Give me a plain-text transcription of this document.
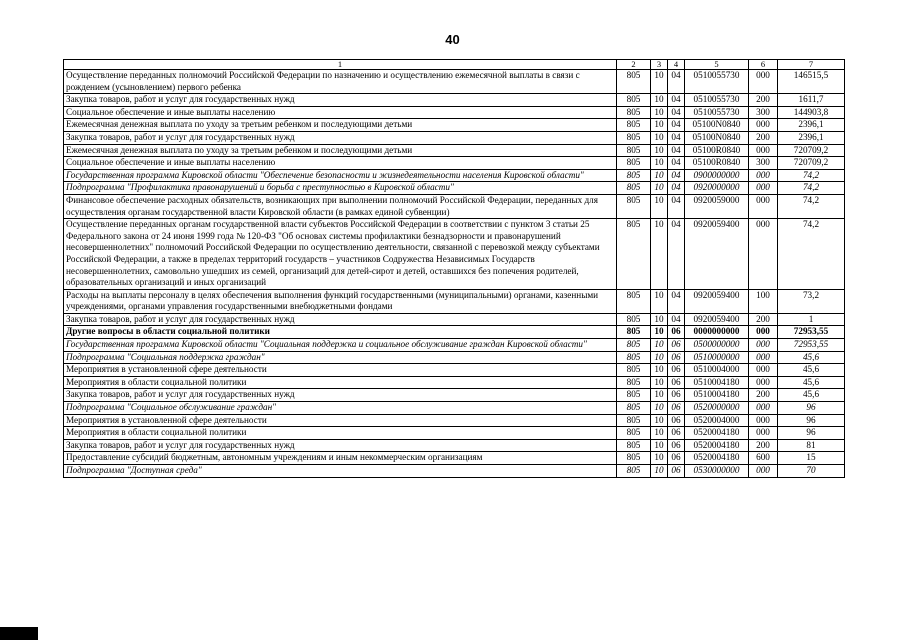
40
1	2	3	4	5	6	7
Осуществление переданных полномочий Российской Федерации по назначению и осуществлению ежемесячной выплаты в связи с рождением (усыновлением) первого ребенка	805	10	04	0510055730	000	146515,5
Закупка товаров, работ и услуг для государственных нужд	805	10	04	0510055730	200	1611,7
Социальное обеспечение и иные выплаты населению	805	10	04	0510055730	300	144903,8
Ежемесячная денежная выплата по уходу за третьим ребенком и последующими детьми	805	10	04	05100N0840	000	2396,1
Закупка товаров, работ и услуг для государственных нужд	805	10	04	05100N0840	200	2396,1
Ежемесячная денежная выплата по уходу за третьим ребенком и последующими детьми	805	10	04	05100R0840	000	720709,2
Социальное обеспечение и иные выплаты населению	805	10	04	05100R0840	300	720709,2
Государственная программа Кировской области "Обеспечение безопасности и жизнедеятельности населения Кировской области"	805	10	04	0900000000	000	74,2
Подпрограмма "Профилактика правонарушений и борьба с преступностью в Кировской области"	805	10	04	0920000000	000	74,2
Финансовое обеспечение расходных обязательств, возникающих при выполнении полномочий Российской Федерации, переданных для осуществления органам государственной власти Кировской области (в рамках единой субвенции)	805	10	04	0920059000	000	74,2
Осуществление переданных органам государственной власти субъектов Российской Федерации в соответствии с пунктом 3 статьи 25 Федерального закона от 24 июня 1999 года № 120-ФЗ "Об основах системы профилактики безнадзорности и правонарушений несовершеннолетних" полномочий Российской Федерации по осуществлению деятельности, связанной с перевозкой между субъектами Российской Федерации, а также в пределах территорий государств – участников Содружества Независимых Государств несовершеннолетних, самовольно ушедших из семей, организаций для детей-сирот и детей, оставшихся без попечения родителей, образовательных организаций и иных организаций	805	10	04	0920059400	000	74,2
Расходы на выплаты персоналу в целях обеспечения выполнения функций государственными (муниципальными) органами, казенными учреждениями, органами управления государственными внебюджетными фондами	805	10	04	0920059400	100	73,2
Закупка товаров, работ и услуг для государственных нужд	805	10	04	0920059400	200	1
Другие вопросы в области социальной политики	805	10	06	0000000000	000	72953,55
Государственная программа Кировской области "Социальная поддержка и социальное обслуживание граждан Кировской области"	805	10	06	0500000000	000	72953,55
Подпрограмма "Социальная поддержка граждан"	805	10	06	0510000000	000	45,6
Мероприятия в установленной сфере деятельности	805	10	06	0510004000	000	45,6
Мероприятия в области социальной политики	805	10	06	0510004180	000	45,6
Закупка товаров, работ и услуг для государственных нужд	805	10	06	0510004180	200	45,6
Подпрограмма "Социальное обслуживание граждан"	805	10	06	0520000000	000	96
Мероприятия в установленной сфере деятельности	805	10	06	0520004000	000	96
Мероприятия в области социальной политики	805	10	06	0520004180	000	96
Закупка товаров, работ и услуг для государственных нужд	805	10	06	0520004180	200	81
Предоставление субсидий бюджетным, автономным учреждениям и иным некоммерческим организациям	805	10	06	0520004180	600	15
Подпрограмма "Доступная среда"	805	10	06	0530000000	000	70
